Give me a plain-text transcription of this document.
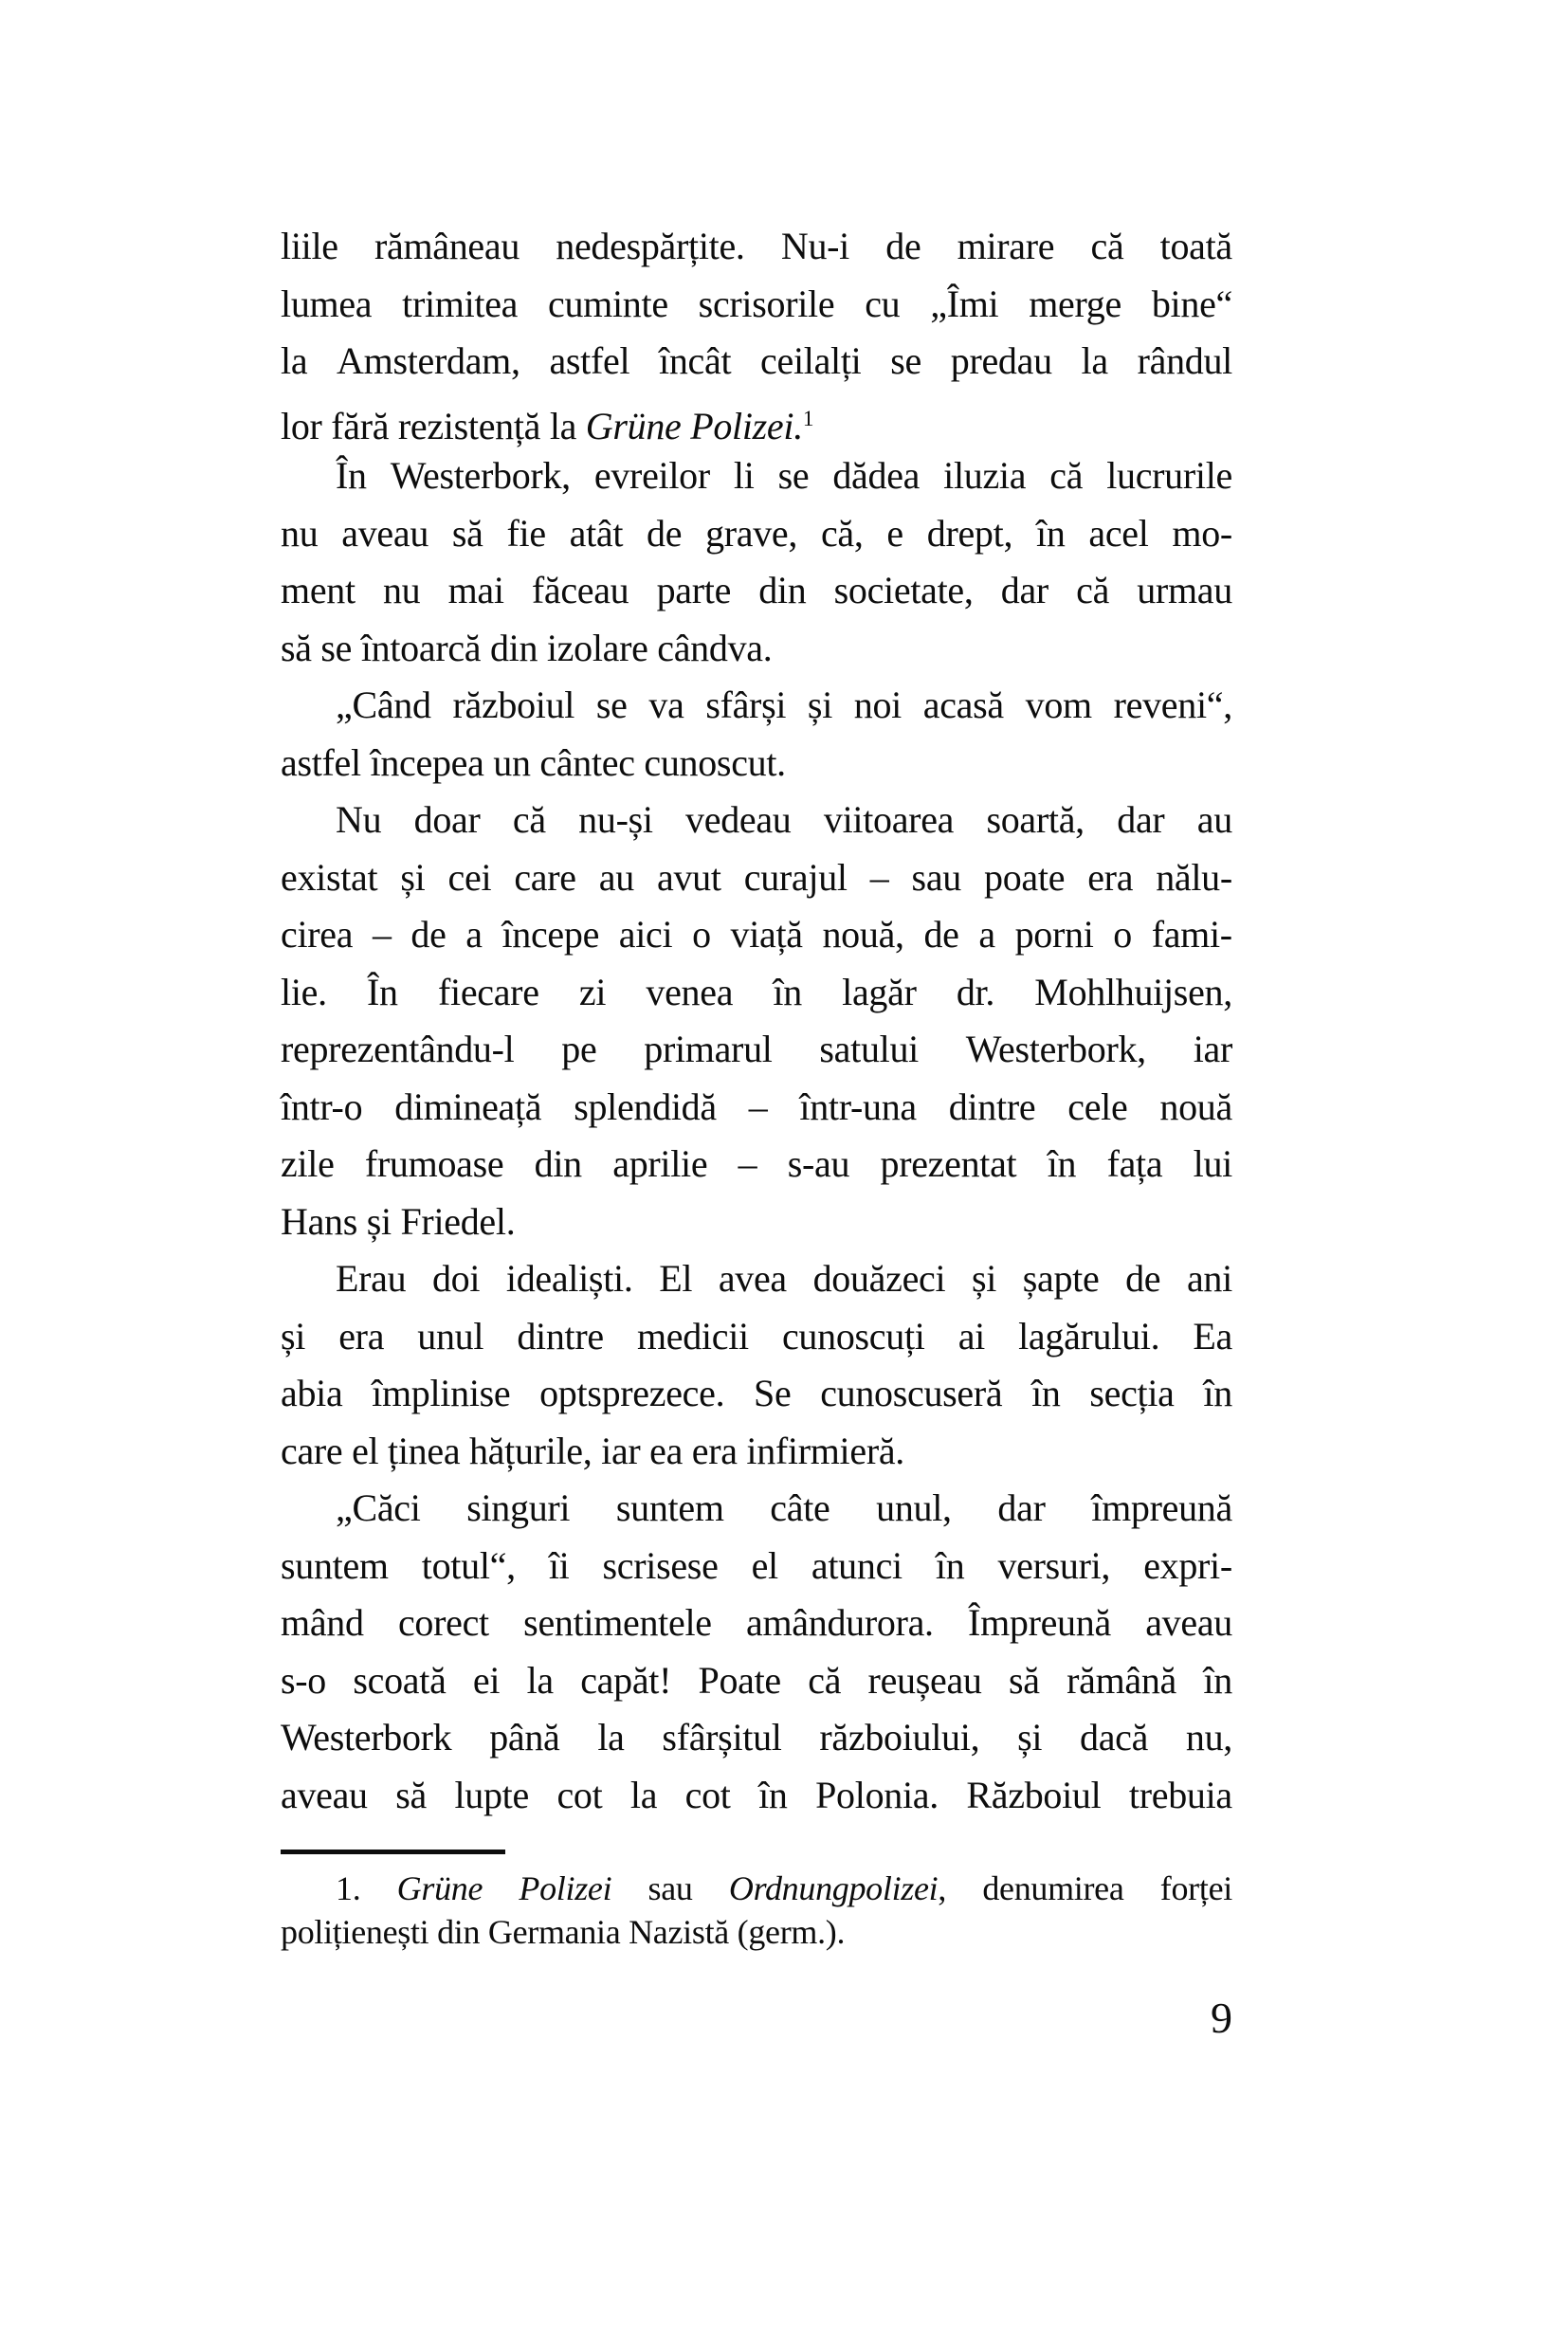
liile rămâneau nedespărțite. Nu-i de mirare că toată
lumea trimitea cuminte scrisorile cu „Îmi merge bine“
la Amsterdam, astfel încât ceilalți se predau la rândul
lor fără rezistență la Grüne Polizei.$^1$
În Westerbork, evreilor li se dădea iluzia că lucrurile
nu aveau să fie atât de grave, că, e drept, în acel mo-
ment nu mai făceau parte din societate, dar că urmau
să se întoarcă din izolare cândva.
„Când războiul se va sfârși și noi acasă vom reveni“,
astfel începea un cântec cunoscut.
Nu doar că nu-și vedeau viitoarea soartă, dar au
existat și cei care au avut curajul – sau poate era nălu-
cirea – de a începe aici o viață nouă, de a porni o fami-
lie. În fiecare zi venea în lagăr dr. Mohlhuijsen,
reprezentându-l pe primarul satului Westerbork, iar
într-o dimineață splendidă – într-una dintre cele nouă
zile frumoase din aprilie – s-au prezentat în fața lui
Hans și Friedel.
Erau doi idealiști. El avea douăzeci și șapte de ani
și era unul dintre medicii cunoscuți ai lagărului. Ea
abia împlinise optsprezece. Se cunoscuseră în secția în
care el ținea hățurile, iar ea era infirmieră.
„Căci singuri suntem câte unul, dar împreună
suntem totul“, îi scrisese el atunci în versuri, expri-
mând corect sentimentele amândurora. Împreună aveau
s-o scoată ei la capăt! Poate că reușeau să rămână în
Westerbork până la sfârșitul războiului, și dacă nu,
aveau să lupte cot la cot în Polonia. Războiul trebuia
1. Grüne Polizei sau Ordnungpolizei, denumirea forței
polițienești din Germania Nazistă (germ.).
9
